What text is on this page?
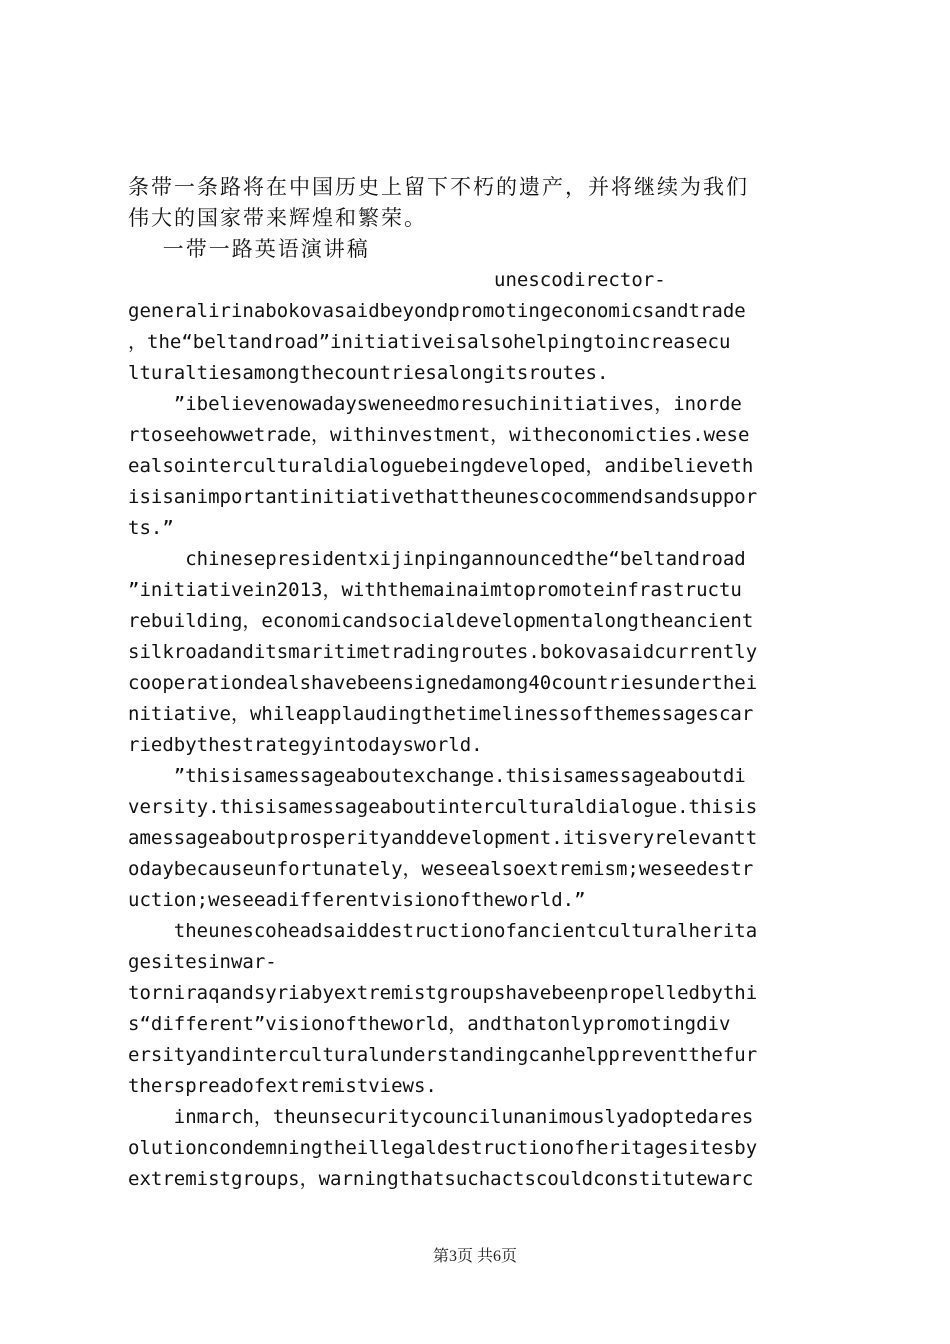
条带一条路将在中国历史上留下不朽的遗产，并将继续为我们
伟大的国家带来辉煌和繁荣。
一带一路英语演讲稿
unescodirector-
generalirinabokovasaidbeyondpromotingeconomicsandtrade
，the“beltandroad”initiativeisalsohelpingtoincreasecu
lturaltiesamongthecountriesalongitsroutes.
”ibelievenowadaysweneedmoresuchinitiatives，inorde
rtoseehowwetrade，withinvestment，witheconomicties.wese
ealsointerculturaldialoguebeingdeveloped，andibelieveth
isisanimportantinitiativethattheunescocommendsandsuppor
ts.”
chinesepresidentxijinpingannouncedthe“beltandroad
”initiativein2013，withthemainaimtopromoteinfrastructu
rebuilding，economicandsocialdevelopmentalongtheancient
silkroadanditsmaritimetradingroutes.bokovasaidcurrently
cooperationdealshavebeensignedamong40countriesunderthei
nitiative，whileapplaudingthetimelinessofthemessagescar
riedbythestrategyintodaysworld.
”thisisamessageaboutexchange.thisisamessageaboutdi
versity.thisisamessageaboutinterculturaldialogue.thisis
amessageaboutprosperityanddevelopment.itisveryrelevantt
odaybecauseunfortunately，weseealsoextremism;weseedestr
uction;weseeadifferentvisionoftheworld.”
theunescoheadsaiddestructionofancientculturalherita
gesitesinwar-
torniraqandsyriabyextremistgroupshavebeenpropelledbythi
s“different”visionoftheworld，andthatonlypromotingdiv
ersityandinterculturalunderstandingcanhelppreventthefur
therspreadofextremistviews.
inmarch，theunsecuritycouncilunanimouslyadoptedares
olutioncondemningtheillegaldestructionofheritagesitesby
extremistgroups，warningthatsuchactscouldconstitutewarc
第3页 共6页
